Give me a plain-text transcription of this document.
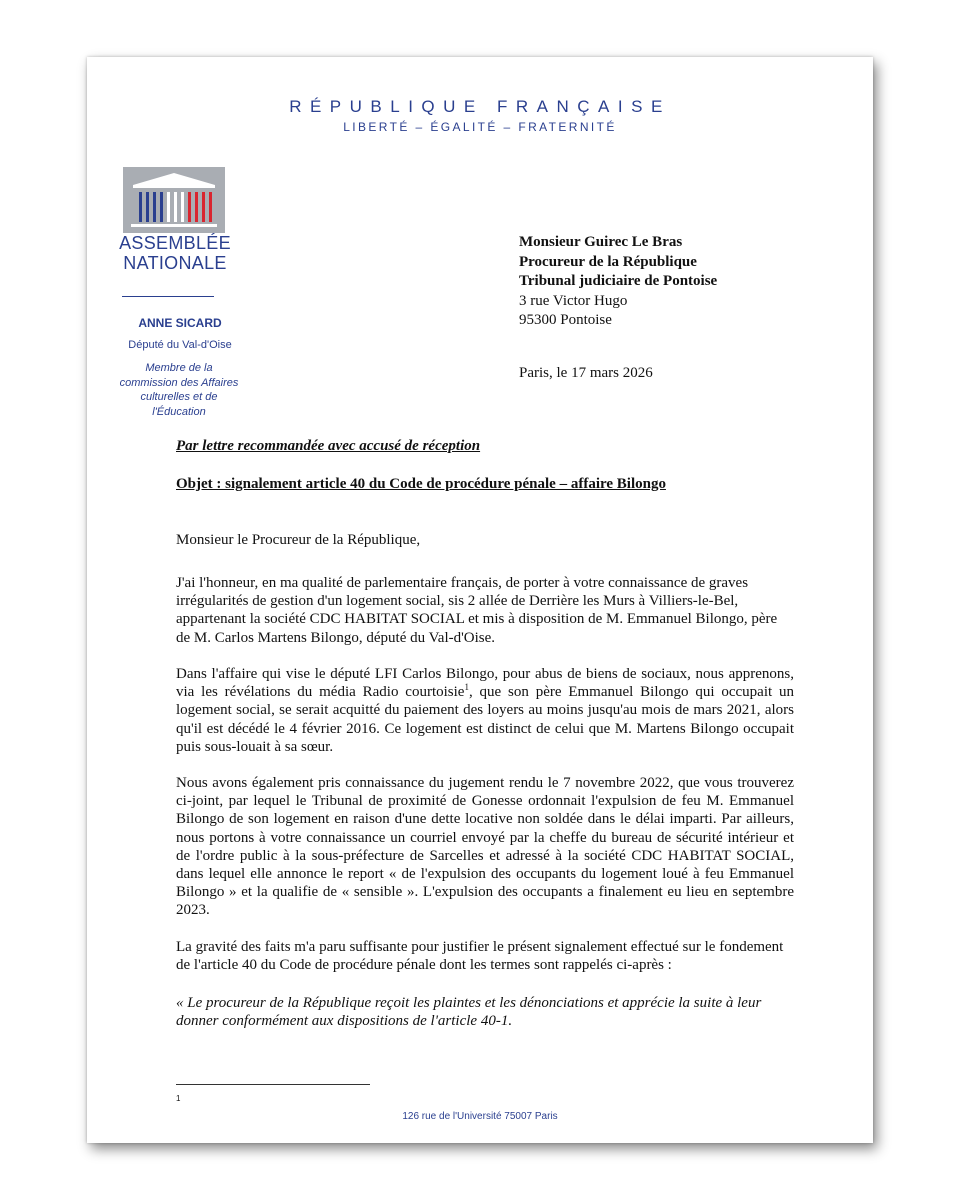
RÉPUBLIQUE FRANÇAISE
LIBERTÉ – ÉGALITÉ – FRATERNITÉ
ASSEMBLÉE
NATIONALE
ANNE SICARD
Député du Val-d'Oise
Membre de la
commission des Affaires
culturelles et de
l'Éducation
Monsieur Guirec Le Bras
Procureur de la République
Tribunal judiciaire de Pontoise
3 rue Victor Hugo
95300 Pontoise
Paris, le 17 mars 2026
Par lettre recommandée avec accusé de réception
Objet : signalement article 40 du Code de procédure pénale – affaire Bilongo
Monsieur le Procureur de la République,
J'ai l'honneur, en ma qualité de parlementaire français, de porter à votre connaissance de graves irrégularités de gestion d'un logement social, sis 2 allée de Derrière les Murs à Villiers-le-Bel, appartenant la société CDC HABITAT SOCIAL et mis à disposition de M. Emmanuel Bilongo, père de M. Carlos Martens Bilongo, député du Val-d'Oise.
Dans l'affaire qui vise le député LFI Carlos Bilongo, pour abus de biens de sociaux, nous apprenons, via les révélations du média Radio courtoisie$^1$, que son père Emmanuel Bilongo qui occupait un logement social, se serait acquitté du paiement des loyers au moins jusqu'au mois de mars 2021, alors qu'il est décédé le 4 février 2016. Ce logement est distinct de celui que M. Martens Bilongo occupait puis sous-louait à sa sœur.
Nous avons également pris connaissance du jugement rendu le 7 novembre 2022, que vous trouverez ci-joint, par lequel le Tribunal de proximité de Gonesse ordonnait l'expulsion de feu M. Emmanuel Bilongo de son logement en raison d'une dette locative non soldée dans le délai imparti. Par ailleurs, nous portons à votre connaissance un courriel envoyé par la cheffe du bureau de sécurité intérieur et de l'ordre public à la sous-préfecture de Sarcelles et adressé à la société CDC HABITAT SOCIAL, dans lequel elle annonce le report « de l'expulsion des occupants du logement loué à feu Emmanuel Bilongo » et la qualifie de « sensible ». L'expulsion des occupants a finalement eu lieu en septembre 2023.
La gravité des faits m'a paru suffisante pour justifier le présent signalement effectué sur le fondement de l'article 40 du Code de procédure pénale dont les termes sont rappelés ci-après :
« Le procureur de la République reçoit les plaintes et les dénonciations et apprécie la suite à leur donner conformément aux dispositions de l'article 40-1.
1
126 rue de l'Université 75007 Paris
